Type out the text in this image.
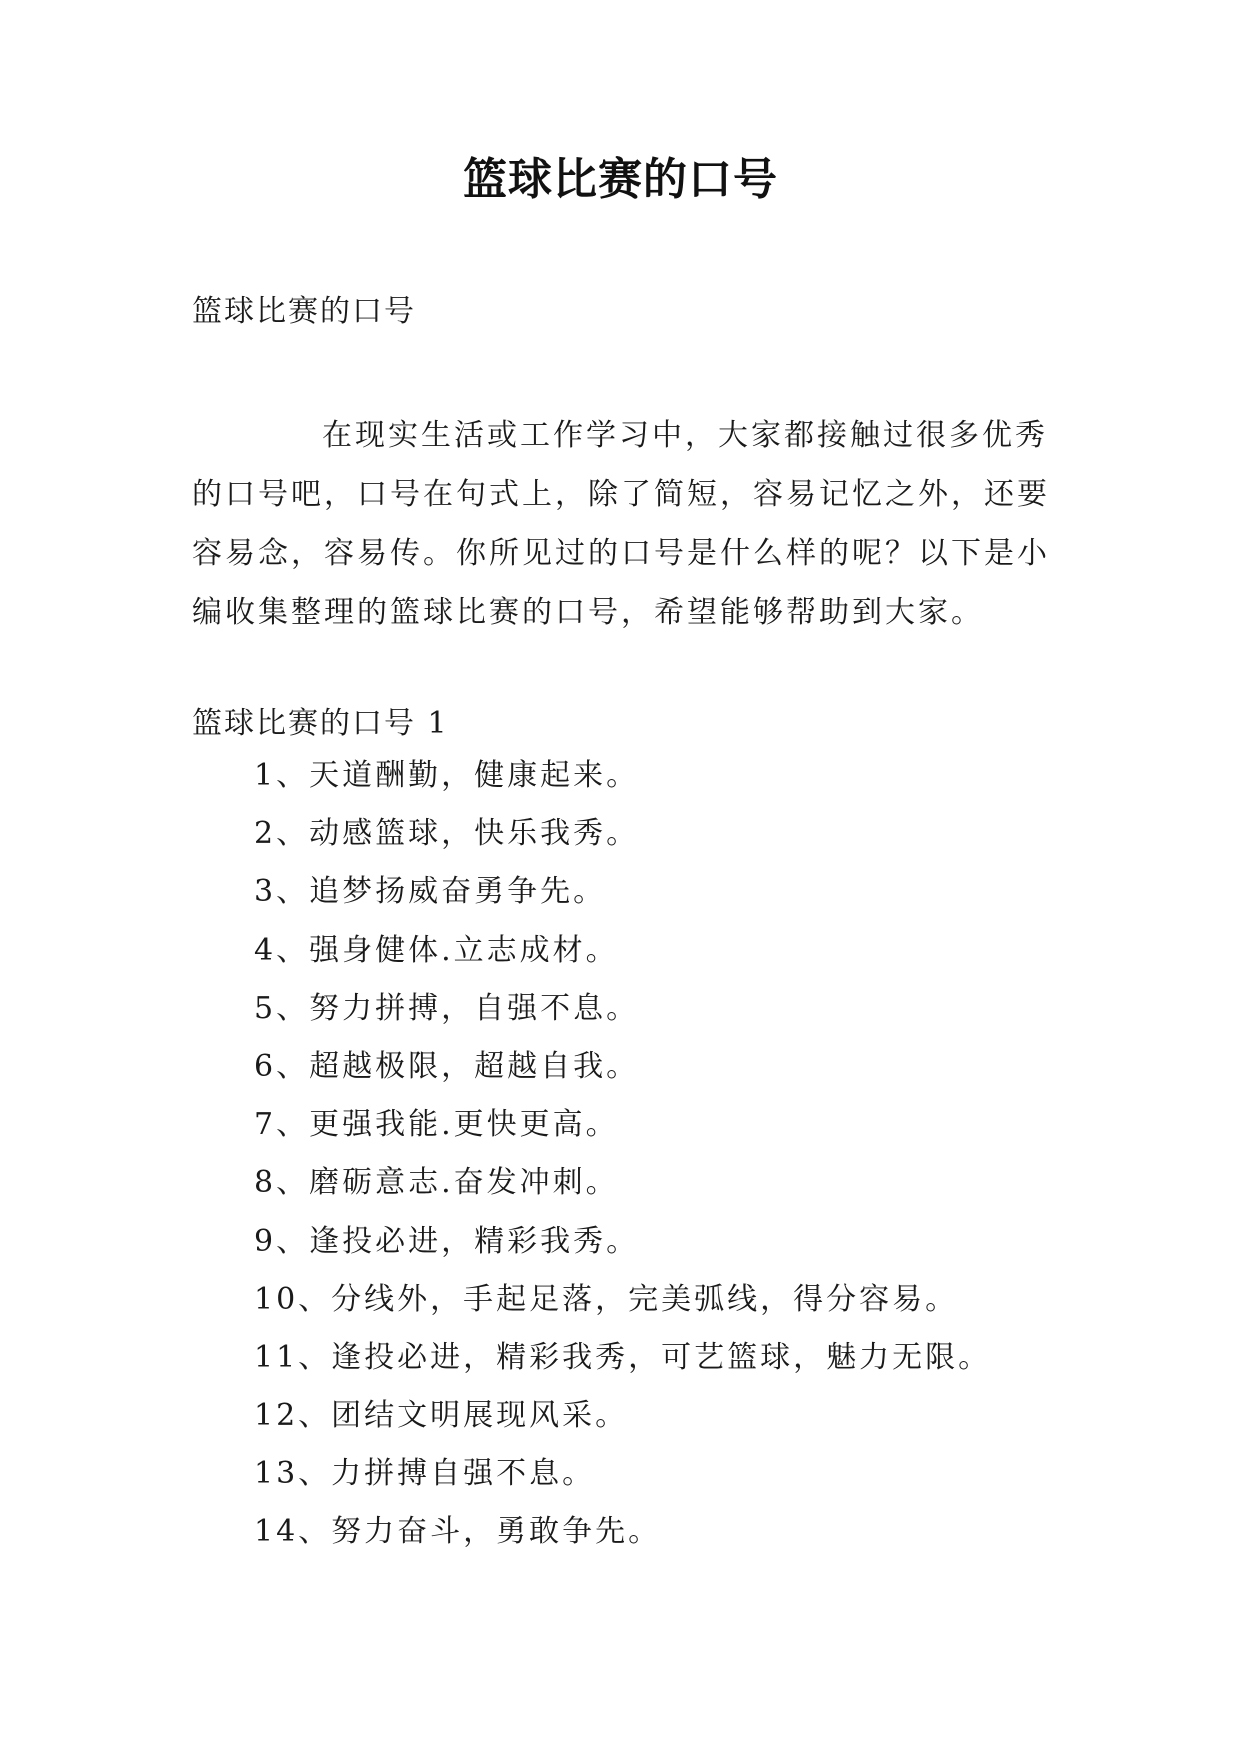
篮球比赛的口号
篮球比赛的口号

在现实生活或工作学习中，大家都接触过很多优秀的口号吧，口号在句式上，除了简短，容易记忆之外，还要容易念，容易传。你所见过的口号是什么样的呢？以下是小编收集整理的篮球比赛的口号，希望能够帮助到大家。

篮球比赛的口号 1
1、天道酬勤，健康起来。
2、动感篮球，快乐我秀。
3、追梦扬威奋勇争先。
4、强身健体.立志成材。
5、努力拼搏，自强不息。
6、超越极限，超越自我。
7、更强我能.更快更高。
8、磨砺意志.奋发冲刺。
9、逢投必进，精彩我秀。
10、分线外，手起足落，完美弧线，得分容易。
11、逢投必进，精彩我秀，可艺篮球，魅力无限。
12、团结文明展现风采。
13、力拼搏自强不息。
14、努力奋斗，勇敢争先。
